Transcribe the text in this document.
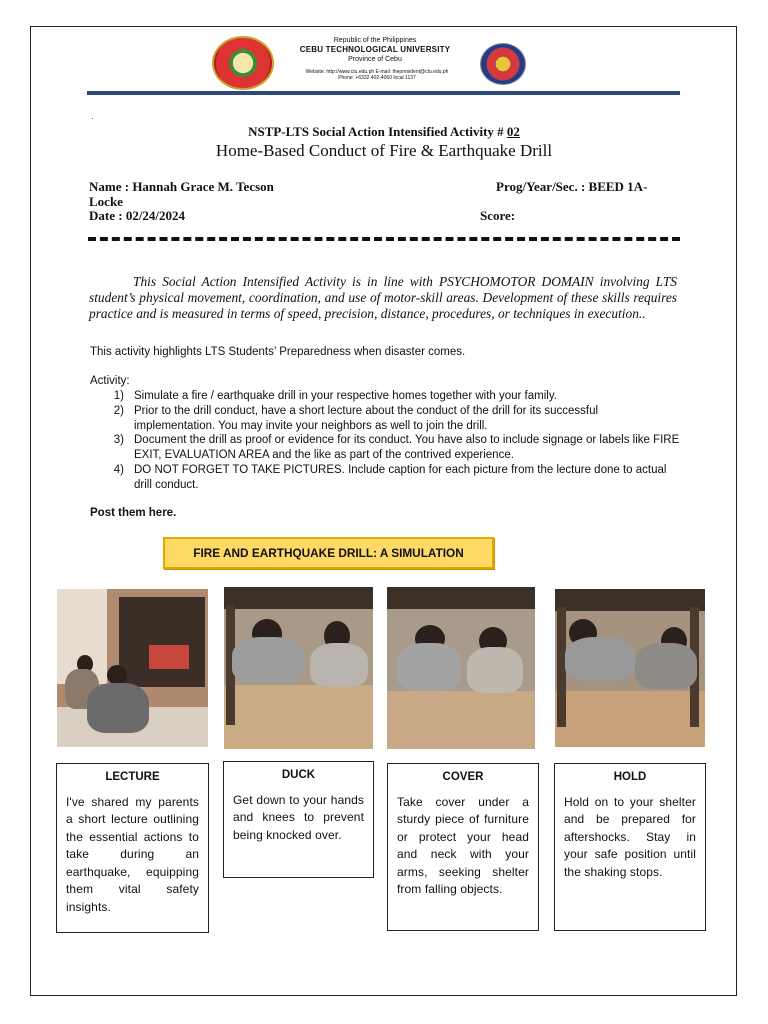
Republic of the Philippines
CEBU TECHNOLOGICAL UNIVERSITY
Province of Cebu
Website: http://www.ctu.edu.ph E-mail: thepresident@ctu.edu.ph
Phone: +6332 402-4060 local 1137
·
NSTP-LTS Social Action Intensified Activity # 02
Home-Based Conduct of Fire & Earthquake Drill
Name : Hannah Grace M. Tecson	Prog/Year/Sec. : BEED 1A-
Locke
Date : 02/24/2024	Score:
This Social Action Intensified Activity is in line with PSYCHOMOTOR DOMAIN involving LTS student’s physical movement, coordination, and use of motor-skill areas. Development of these skills requires practice and is measured in terms of speed, precision, distance, procedures, or techniques in execution..
This activity highlights LTS Students’ Preparedness when disaster comes.
Activity:
1) Simulate a fire / earthquake drill in your respective homes together with your family.
2) Prior to the drill conduct, have a short lecture about the conduct of the drill for its successful implementation. You may invite your neighbors as well to join the drill.
3) Document the drill as proof or evidence for its conduct. You have also to include signage or labels like FIRE EXIT, EVALUATION AREA and the like as part of the contrived experience.
4) DO NOT FORGET TO TAKE PICTURES. Include caption for each picture from the lecture done to actual drill conduct.
Post them here.
FIRE AND EARTHQUAKE DRILL: A SIMULATION
LECTURE
I've shared my parents a short lecture outlining the essential actions to take during an earthquake, equipping them vital safety insights.
DUCK
Get down to your hands and knees to prevent being knocked over.
COVER
Take cover under a sturdy piece of furniture or protect your head and neck with your arms, seeking shelter from falling objects.
HOLD
Hold on to your shelter and be prepared for aftershocks. Stay in your safe position until the shaking stops.
